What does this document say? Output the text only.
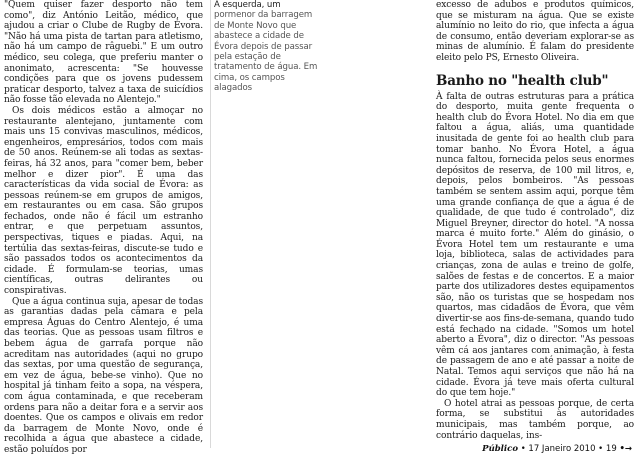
"Quem quiser fazer desporto não tem como", diz António Leitão, médico, que ajudou a criar o Clube de Rugby de Évora. "Não há uma pista de tartan para atletismo, não há um campo de râguebi." E um outro médico, seu colega, que preferiu manter o anonimato, acrescenta: "Se houvesse condições para que os jovens pudessem praticar desporto, talvez a taxa de suicídios não fosse tão elevada no Alentejo."

Os dois médicos estão a almoçar no restaurante alentejano, juntamente com mais uns 15 convivas masculinos, médicos, engenheiros, empresários, todos com mais de 50 anos. Reúnem-se ali todas as sextas-feiras, há 32 anos, para "comer bem, beber melhor e dizer pior". É uma das características da vida social de Évora: as pessoas reúnem-se em grupos de amigos, em restaurantes ou em casa. São grupos fechados, onde não é fácil um estranho entrar, e que perpetuam assuntos, perspectivas, tiques e piadas. Aqui, na tertúlia das sextas-feiras, discute-se tudo e são passados todos os acontecimentos da cidade. É formulam-se teorias, umas científicas, outras delirantes ou conspirativas.

Que a água continua suja, apesar de todas as garantias dadas pela câmara e pela empresa Águas do Centro Alentejo, é uma das teorias. Que as pessoas usam filtros e bebem água de garrafa porque não acreditam nas autoridades (aqui no grupo das sextas, por uma questão de segurança, em vez de água, bebe-se vinho). Que no hospital já tinham feito a sopa, na véspera, com água contaminada, e que receberam ordens para não a deitar fora e a servir aos doentes. Que os campos e olivais em redor da barragem de Monte Novo, onde é recolhida a água que abastece a cidade, estão poluídos por

À esquerda, um pormenor da barragem de Monte Novo que abastece a cidade de Évora depois de passar pela estação de tratamento de água. Em cima, os campos alagados

excesso de adubos e produtos químicos, que se misturam na água. Que se existe alumínio no leito do rio, que infecta a água de consumo, então deveriam explorar-se as minas de alumínio. É falam do presidente eleito pelo PS, Ernesto Oliveira.

Banho no "health club"

À falta de outras estruturas para a prática do desporto, muita gente frequenta o health club do Évora Hotel. No dia em que faltou a água, aliás, uma quantidade inusitada de gente foi ao health club para tomar banho. No Évora Hotel, a água nunca faltou, fornecida pelos seus enormes depósitos de reserva, de 100 mil litros, e, depois, pelos bombeiros. "As pessoas também se sentem assim aqui, porque têm uma grande confiança de que a água é de qualidade, de que tudo é controlado", diz Miguel Breyner, director do hotel. "A nossa marca é muito forte." Além do ginásio, o Évora Hotel tem um restaurante e uma loja, biblioteca, salas de actividades para crianças, zona de aulas e treino de golfe, salões de festas e de concertos. E a maior parte dos utilizadores destes equipamentos são, não os turistas que se hospedam nos quartos, mas cidadãos de Évora, que vêm divertir-se aos fins-de-semana, quando tudo está fechado na cidade. "Somos um hotel aberto a Évora", diz o director. "As pessoas vêm cá aos jantares com animação, à festa de passagem de ano e até passar a noite de Natal. Temos aqui serviços que não há na cidade. Évora já teve mais oferta cultural do que tem hoje."

O hotel atrai as pessoas porque, de certa forma, se substitui às autoridades municipais, mas também porque, ao contrário daquelas, ins-

Público • 17 Janeiro 2010 • 19 •→
